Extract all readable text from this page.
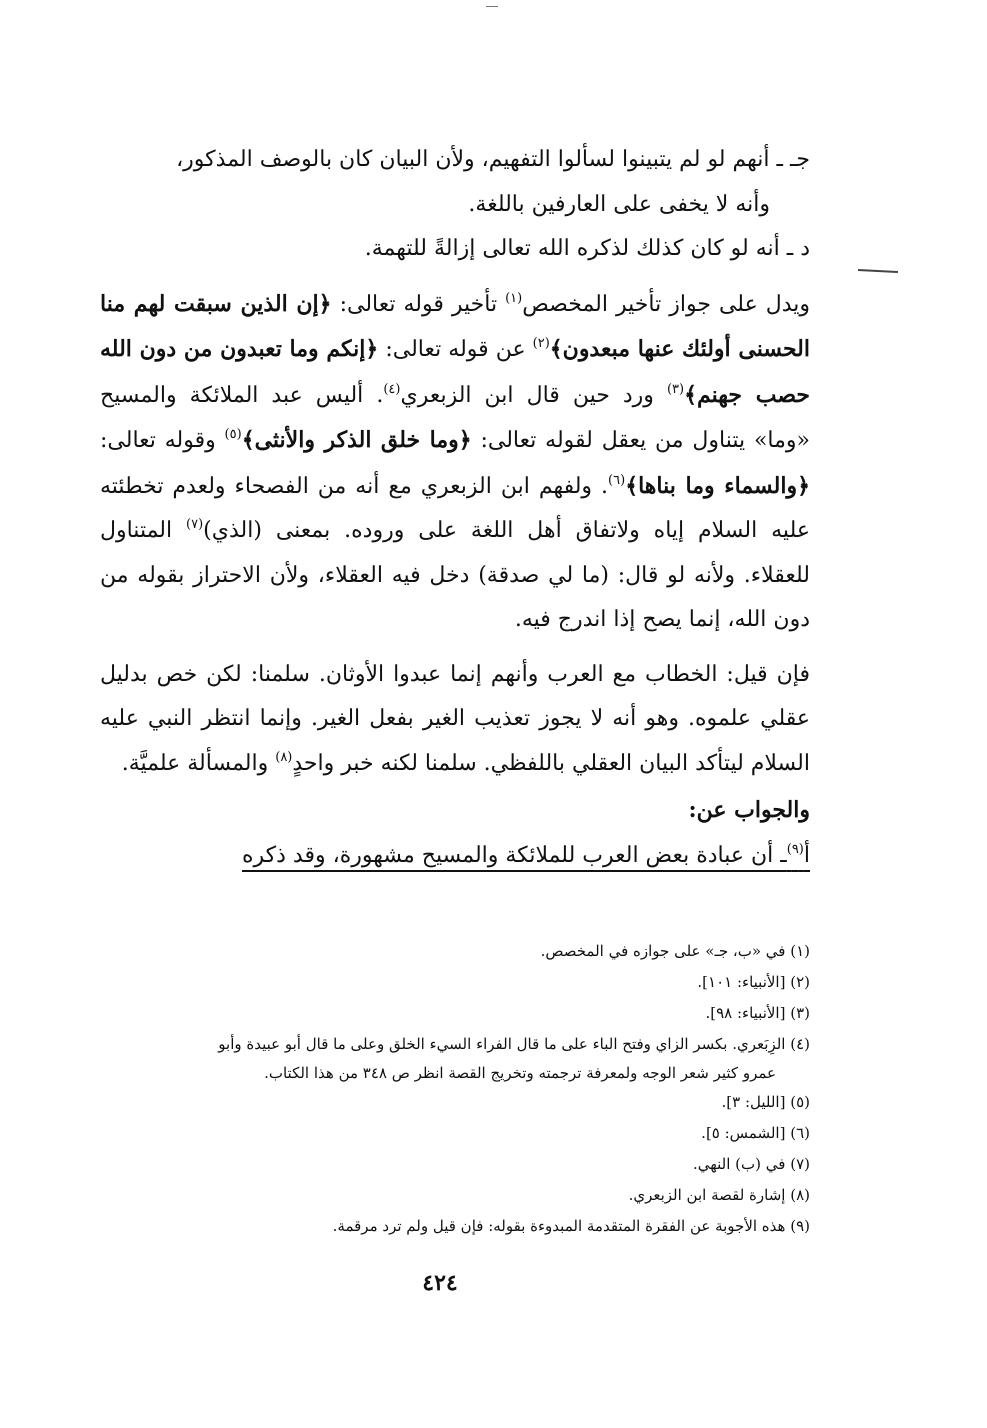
جـ ـ أنهم لو لم يتبينوا لسألوا التفهيم، ولأن البيان كان بالوصف المذكور،

وأنه لا يخفى على العارفين باللغة.

د ـ أنه لو كان كذلك لذكره الله تعالى إزالةً للتهمة.

ويدل على جواز تأخير المخصص$^{(١)}$ تأخير قوله تعالى: ﴿إن الذين سبقت لهم منا الحسنى أولئك عنها مبعدون﴾$^{(٢)}$ عن قوله تعالى: ﴿إنكم وما تعبدون من دون الله حصب جهنم﴾$^{(٣)}$ ورد حين قال ابن الزبعري$^{(٤)}$. أليس عبد الملائكة والمسيح «وما» يتناول من يعقل لقوله تعالى: ﴿وما خلق الذكر والأنثى﴾$^{(٥)}$ وقوله تعالى: ﴿والسماء وما بناها﴾$^{(٦)}$. ولفهم ابن الزبعري مع أنه من الفصحاء ولعدم تخطئته عليه السلام إياه ولاتفاق أهل اللغة على وروده. بمعنى (الذي)$^{(٧)}$ المتناول للعقلاء. ولأنه لو قال: (ما لي صدقة) دخل فيه العقلاء، ولأن الاحتراز بقوله من دون الله، إنما يصح إذا اندرج فيه.

فإن قيل: الخطاب مع العرب وأنهم إنما عبدوا الأوثان. سلمنا: لكن خص بدليل عقلي علموه. وهو أنه لا يجوز تعذيب الغير بفعل الغير. وإنما انتظر النبي عليه السلام ليتأكد البيان العقلي باللفظي. سلمنا لكنه خبر واحدٍ$^{(٨)}$ والمسألة علميَّة.

والجواب عن:

أ$^{(٩)}$ـ أن عبادة بعض العرب للملائكة والمسيح مشهورة، وقد ذكره

(١) في «ب، جـ» على جوازه في المخصص.

(٢) [الأنبياء: ١٠١].

(٣) [الأنبياء: ٩٨].

(٤) الزِبَعري. بكسر الزاي وفتح الباء على ما قال الفراء السيء الخلق وعلى ما قال أبو عبيدة وأبو

عمرو كثير شعر الوجه ولمعرفة ترجمته وتخريج القصة انظر ص ٣٤٨ من هذا الكتاب.

(٥) [الليل: ٣].

(٦) [الشمس: ٥].

(٧) في (ب) النهي.

(٨) إشارة لقصة ابن الزبعري.

(٩) هذه الأجوبة عن الفقرة المتقدمة المبدوءة بقوله: فإن قيل ولم ترد مرقمة.

٤٢٤
